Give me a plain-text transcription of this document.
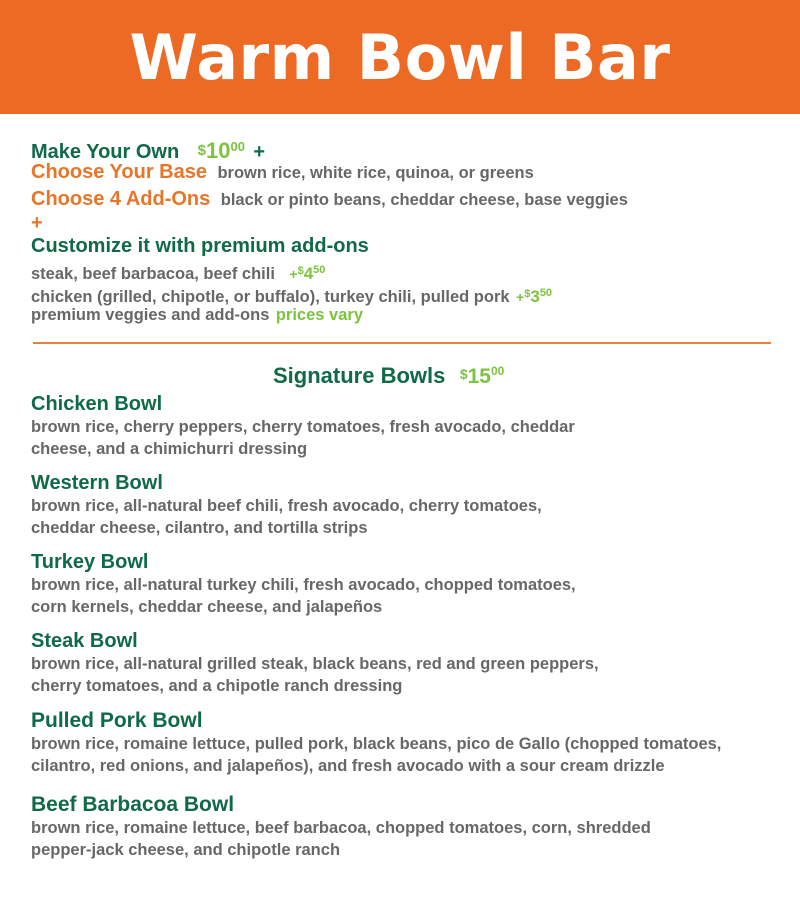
Warm Bowl Bar
Make Your Own $\$10^{00}$ +
Choose Your Base brown rice, white rice, quinoa, or greens
Choose 4 Add-Ons black or pinto beans, cheddar cheese, base veggies
+
Customize it with premium add-ons
steak, beef barbacoa, beef chili $+^{\$}4^{50}$
chicken (grilled, chipotle, or buffalo), turkey chili, pulled pork $+^{\$}3^{50}$
premium veggies and add-ons prices vary
Signature Bowls $\$15^{00}$
Chicken Bowl
brown rice, cherry peppers, cherry tomatoes, fresh avocado, cheddar
cheese, and a chimichurri dressing
Western Bowl
brown rice, all-natural beef chili, fresh avocado, cherry tomatoes,
cheddar cheese, cilantro, and tortilla strips
Turkey Bowl
brown rice, all-natural turkey chili, fresh avocado, chopped tomatoes,
corn kernels, cheddar cheese, and jalapeños
Steak Bowl
brown rice, all-natural grilled steak, black beans, red and green peppers,
cherry tomatoes, and a chipotle ranch dressing
Pulled Pork Bowl
brown rice, romaine lettuce, pulled pork, black beans, pico de Gallo (chopped tomatoes,
cilantro, red onions, and jalapeños), and fresh avocado with a sour cream drizzle
Beef Barbacoa Bowl
brown rice, romaine lettuce, beef barbacoa, chopped tomatoes, corn, shredded
pepper-jack cheese, and chipotle ranch
